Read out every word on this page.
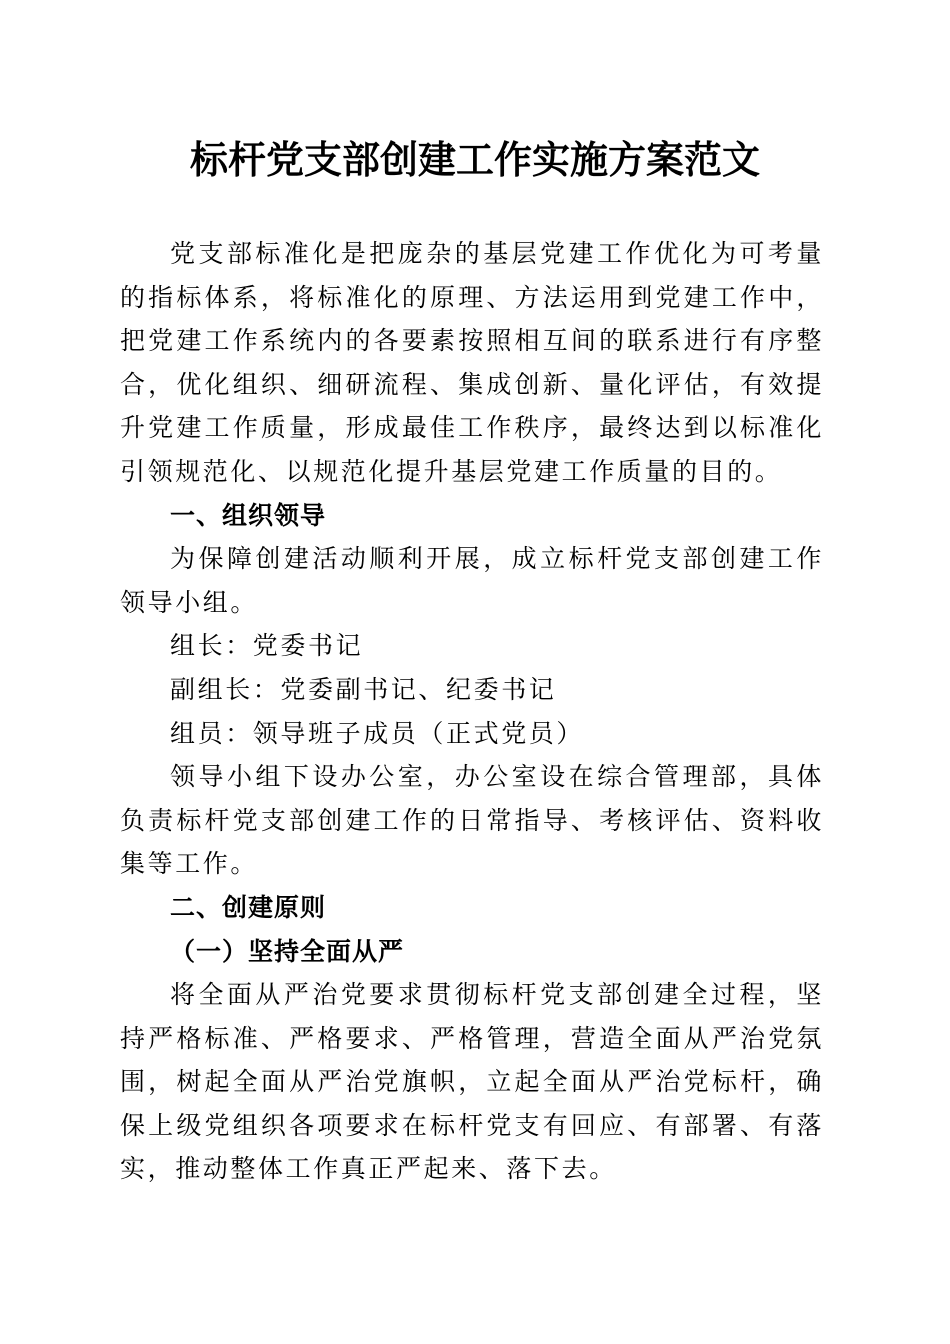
标杆党支部创建工作实施方案范文

党支部标准化是把庞杂的基层党建工作优化为可考量的指标体系，将标准化的原理、方法运用到党建工作中，把党建工作系统内的各要素按照相互间的联系进行有序整合，优化组织、细研流程、集成创新、量化评估，有效提升党建工作质量，形成最佳工作秩序，最终达到以标准化引领规范化、以规范化提升基层党建工作质量的目的。

一、组织领导

为保障创建活动顺利开展，成立标杆党支部创建工作领导小组。

组长：党委书记

副组长：党委副书记、纪委书记

组员：领导班子成员（正式党员）

领导小组下设办公室，办公室设在综合管理部，具体负责标杆党支部创建工作的日常指导、考核评估、资料收集等工作。

二、创建原则

（一）坚持全面从严

将全面从严治党要求贯彻标杆党支部创建全过程，坚持严格标准、严格要求、严格管理，营造全面从严治党氛围，树起全面从严治党旗帜，立起全面从严治党标杆，确保上级党组织各项要求在标杆党支有回应、有部署、有落实，推动整体工作真正严起来、落下去。
